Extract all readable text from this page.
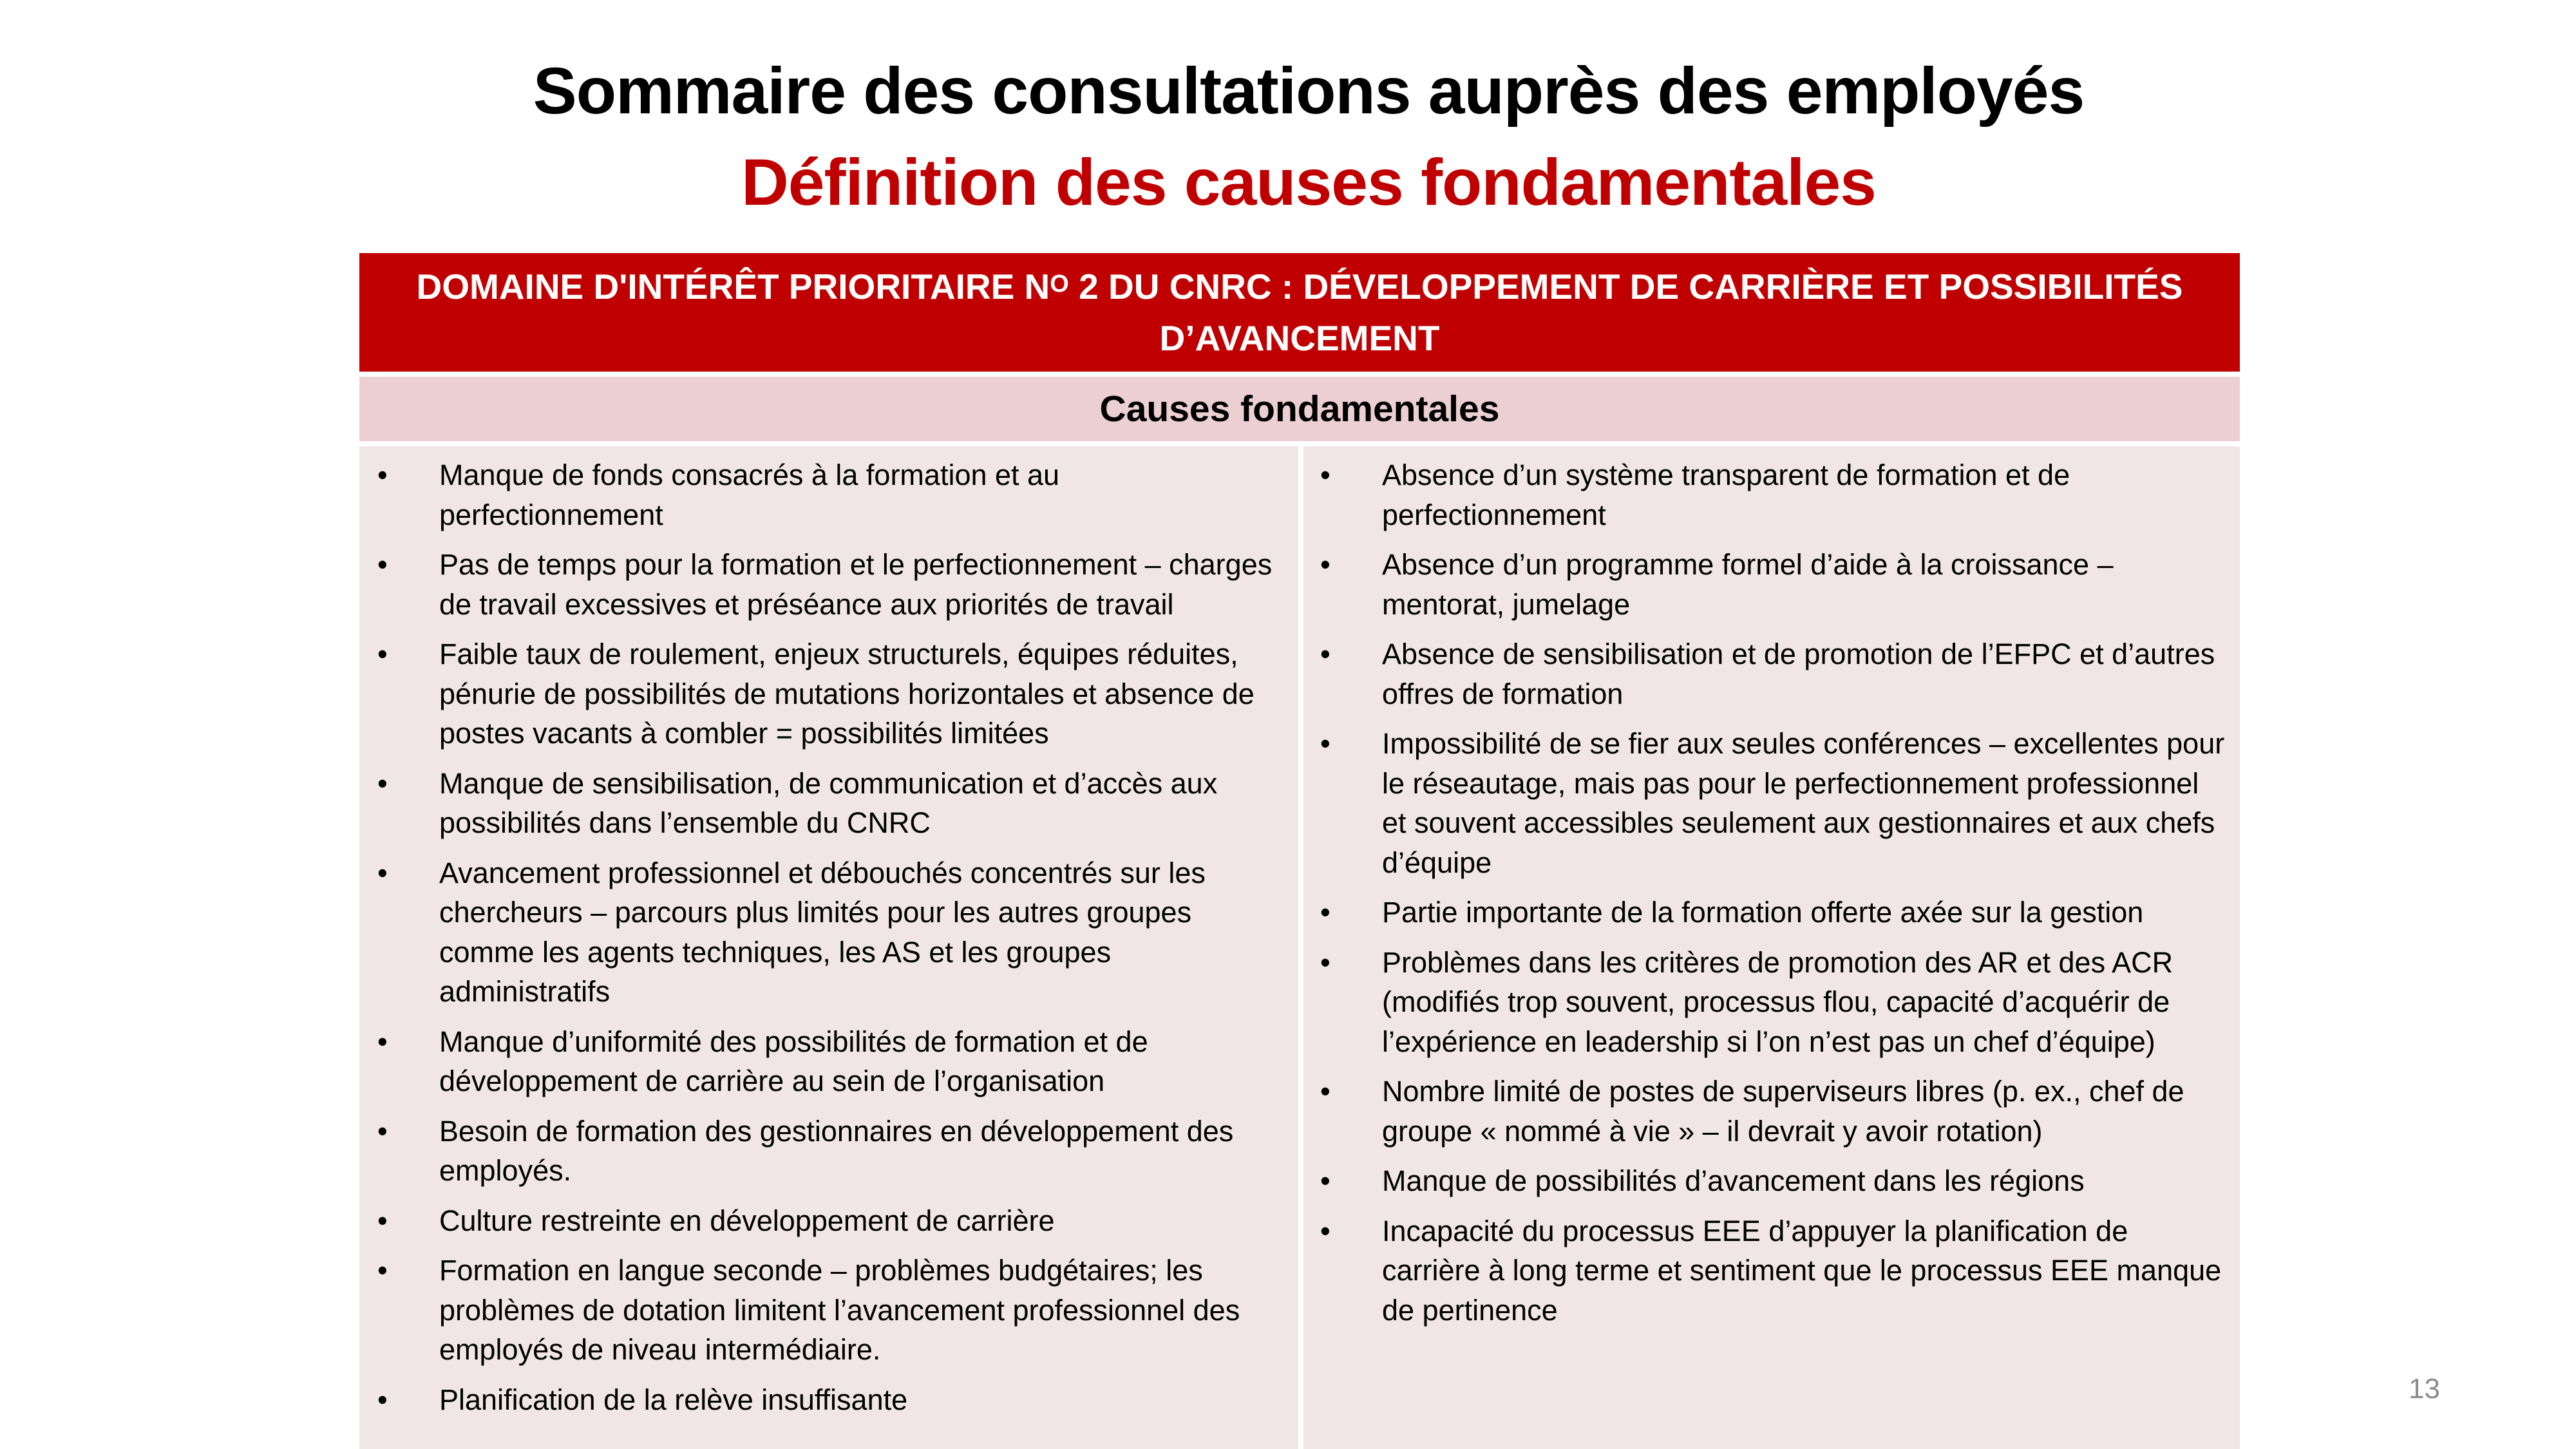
Sommaire des consultations auprès des employés
Définition des causes fondamentales
DOMAINE D'INTÉRÊT PRIORITAIRE $N^O$ 2 DU CNRC : DÉVELOPPEMENT DE CARRIÈRE ET POSSIBILITÉS
D’AVANCEMENT
Causes fondamentales
• Manque de fonds consacrés à la formation et au perfectionnement
• Pas de temps pour la formation et le perfectionnement – charges de travail excessives et préséance aux priorités de travail
• Faible taux de roulement, enjeux structurels, équipes réduites, pénurie de possibilités de mutations horizontales et absence de postes vacants à combler = possibilités limitées
• Manque de sensibilisation, de communication et d’accès aux possibilités dans l’ensemble du CNRC
• Avancement professionnel et débouchés concentrés sur les chercheurs – parcours plus limités pour les autres groupes comme les agents techniques, les AS et les groupes administratifs
• Manque d’uniformité des possibilités de formation et de développement de carrière au sein de l’organisation
• Besoin de formation des gestionnaires en développement des employés.
• Culture restreinte en développement de carrière
• Formation en langue seconde – problèmes budgétaires; les problèmes de dotation limitent l’avancement professionnel des employés de niveau intermédiaire.
• Planification de la relève insuffisante
• Absence d’un système transparent de formation et de perfectionnement
• Absence d’un programme formel d’aide à la croissance – mentorat, jumelage
• Absence de sensibilisation et de promotion de l’EFPC et d’autres offres de formation
• Impossibilité de se fier aux seules conférences – excellentes pour le réseautage, mais pas pour le perfectionnement professionnel et souvent accessibles seulement aux gestionnaires et aux chefs d’équipe
• Partie importante de la formation offerte axée sur la gestion
• Problèmes dans les critères de promotion des AR et des ACR (modifiés trop souvent, processus flou, capacité d’acquérir de l’expérience en leadership si l’on n’est pas un chef d’équipe)
• Nombre limité de postes de superviseurs libres (p. ex., chef de groupe « nommé à vie » – il devrait y avoir rotation)
• Manque de possibilités d’avancement dans les régions
• Incapacité du processus EEE d’appuyer la planification de carrière à long terme et sentiment que le processus EEE manque de pertinence
13
